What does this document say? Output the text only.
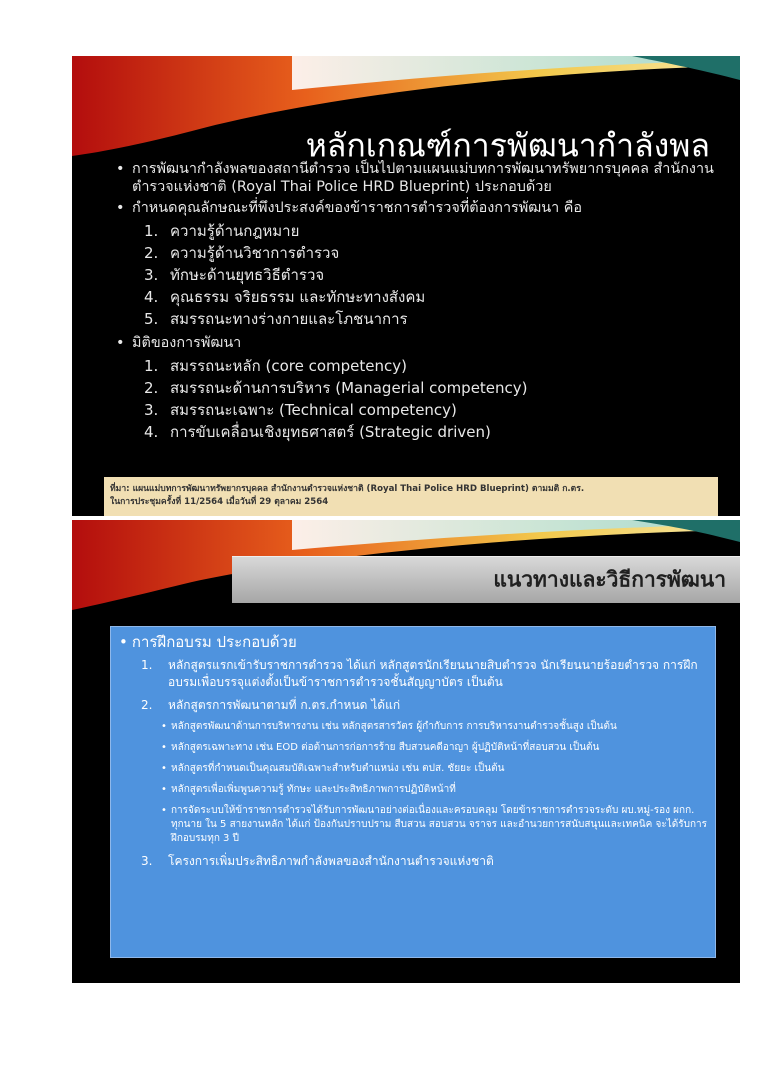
หลักเกณฑ์การพัฒนากำลังพล
• การพัฒนากำลังพลของสถานีตำรวจ เป็นไปตามแผนแม่บทการพัฒนาทรัพยากรบุคคล สำนักงานตำรวจแห่งชาติ (Royal Thai Police HRD Blueprint) ประกอบด้วย
• กำหนดคุณลักษณะที่พึงประสงค์ของข้าราชการตำรวจที่ต้องการพัฒนา คือ
1. ความรู้ด้านกฎหมาย
2. ความรู้ด้านวิชาการตำรวจ
3. ทักษะด้านยุทธวิธีตำรวจ
4. คุณธรรม จริยธรรม และทักษะทางสังคม
5. สมรรถนะทางร่างกายและโภชนาการ
• มิติของการพัฒนา
1. สมรรถนะหลัก (core competency)
2. สมรรถนะด้านการบริหาร (Managerial competency)
3. สมรรถนะเฉพาะ (Technical competency)
4. การขับเคลื่อนเชิงยุทธศาสตร์ (Strategic driven)
ที่มา: แผนแม่บทการพัฒนาทรัพยากรบุคคล สำนักงานตำรวจแห่งชาติ (Royal Thai Police HRD Blueprint) ตามมติ ก.ตร.
ในการประชุมครั้งที่ 11/2564 เมื่อวันที่ 29 ตุลาคม 2564
แนวทางและวิธีการพัฒนา
• การฝึกอบรม ประกอบด้วย
1. หลักสูตรแรกเข้ารับราชการตำรวจ ได้แก่ หลักสูตรนักเรียนนายสิบตำรวจ นักเรียนนายร้อยตำรวจ การฝึกอบรมเพื่อบรรจุแต่งตั้งเป็นข้าราชการตำรวจชั้นสัญญาบัตร เป็นต้น
2. หลักสูตรการพัฒนาตามที่ ก.ตร.กำหนด ได้แก่
• หลักสูตรพัฒนาด้านการบริหารงาน เช่น หลักสูตรสารวัตร ผู้กำกับการ การบริหารงานตำรวจชั้นสูง เป็นต้น
• หลักสูตรเฉพาะทาง เช่น EOD ต่อต้านการก่อการร้าย สืบสวนคดีอาญา ผู้ปฏิบัติหน้าที่สอบสวน เป็นต้น
• หลักสูตรที่กำหนดเป็นคุณสมบัติเฉพาะสำหรับตำแหน่ง เช่น ตปส. ชัยยะ เป็นต้น
• หลักสูตรเพื่อเพิ่มพูนความรู้ ทักษะ และประสิทธิภาพการปฏิบัติหน้าที่
• การจัดระบบให้ข้าราชการตำรวจได้รับการพัฒนาอย่างต่อเนื่องและครอบคลุม โดยข้าราชการตำรวจระดับ ผบ.หมู่-รอง ผกก. ทุกนาย ใน 5 สายงานหลัก ได้แก่ ป้องกันปราบปราม สืบสวน สอบสวน จราจร และอำนวยการสนับสนุนและเทคนิค จะได้รับการฝึกอบรมทุก 3 ปี
3. โครงการเพิ่มประสิทธิภาพกำลังพลของสำนักงานตำรวจแห่งชาติ
